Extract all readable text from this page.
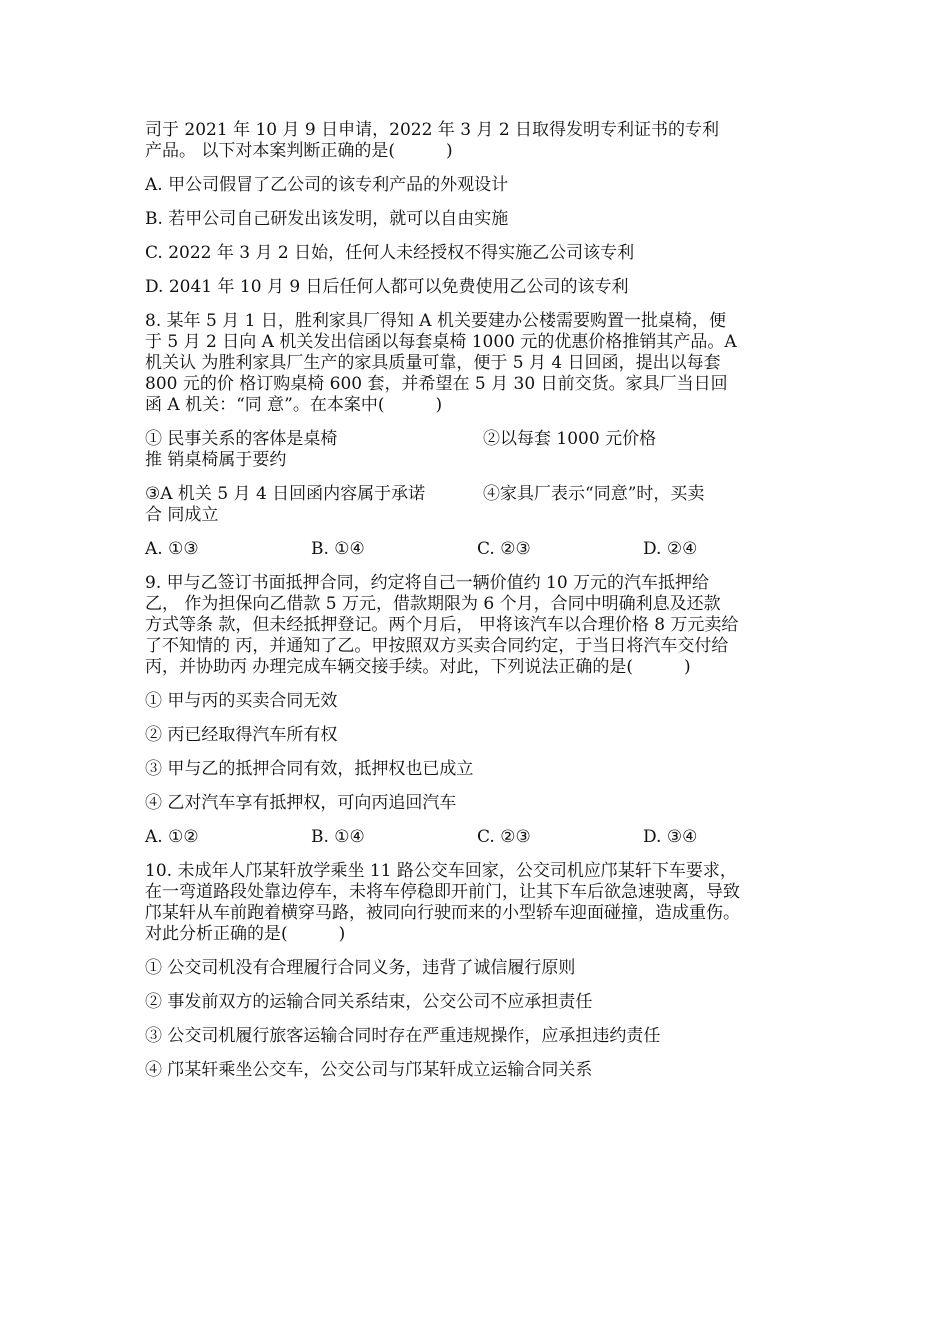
司于 2021 年 10 月 9 日申请，2022 年 3 月 2 日取得发明专利证书的专利
产品。 以下对本案判断正确的是(　　　)
A. 甲公司假冒了乙公司的该专利产品的外观设计
B. 若甲公司自己研发出该发明，就可以自由实施
C. 2022 年 3 月 2 日始，任何人未经授权不得实施乙公司该专利
D. 2041 年 10 月 9 日后任何人都可以免费使用乙公司的该专利
8. 某年 5 月 1 日，胜利家具厂得知 A 机关要建办公楼需要购置一批桌椅，便
于 5 月 2 日向 A 机关发出信函以每套桌椅 1000 元的优惠价格推销其产品。A
机关认 为胜利家具厂生产的家具质量可靠，便于 5 月 4 日回函，提出以每套
800 元的价 格订购桌椅 600 套，并希望在 5 月 30 日前交货。家具厂当日回
函 A 机关：“同 意”。在本案中(　　　)
① 民事关系的客体是桌椅	②以每套 1000 元价格
推 销桌椅属于要约
③A 机关 5 月 4 日回函内容属于承诺	④家具厂表示“同意”时，买卖
合 同成立
A. ①③	B. ①④	C. ②③	D. ②④
9. 甲与乙签订书面抵押合同，约定将自己一辆价值约 10 万元的汽车抵押给
乙， 作为担保向乙借款 5 万元，借款期限为 6 个月，合同中明确利息及还款
方式等条 款，但未经抵押登记。两个月后， 甲将该汽车以合理价格 8 万元卖给
了不知情的 丙，并通知了乙。甲按照双方买卖合同约定，于当日将汽车交付给
丙，并协助丙 办理完成车辆交接手续。对此，下列说法正确的是(　　　)
① 甲与丙的买卖合同无效
② 丙已经取得汽车所有权
③ 甲与乙的抵押合同有效，抵押权也已成立
④ 乙对汽车享有抵押权，可向丙追回汽车
A. ①②	B. ①④	C. ②③	D. ③④
10. 未成年人邝某轩放学乘坐 11 路公交车回家，公交司机应邝某轩下车要求，
在一弯道路段处靠边停车，未将车停稳即开前门，让其下车后欲急速驶离，导致
邝某轩从车前跑着横穿马路，被同向行驶而来的小型轿车迎面碰撞，造成重伤。
对此分析正确的是(　　　)
① 公交司机没有合理履行合同义务，违背了诚信履行原则
② 事发前双方的运输合同关系结束，公交公司不应承担责任
③ 公交司机履行旅客运输合同时存在严重违规操作，应承担违约责任
④ 邝某轩乘坐公交车，公交公司与邝某轩成立运输合同关系
